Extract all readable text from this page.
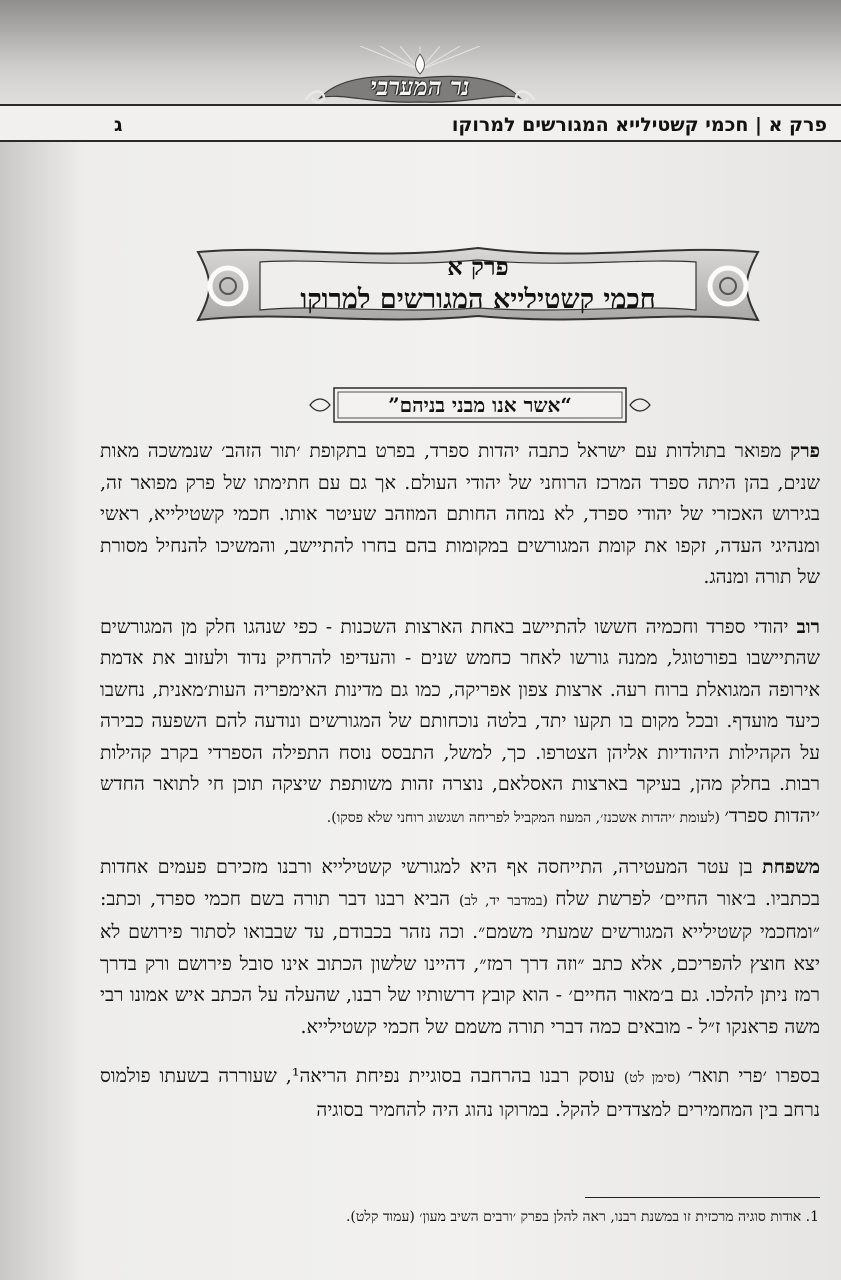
נר המערבי
פרק א | חכמי קשטילייא המגורשים למרוקו
ג
פרק א
חכמי קשטילייא המגורשים למרוקו
“אשר אנו מבני בניהם”

פרק מפואר בתולדות עם ישראל כתבה יהדות ספרד, בפרט בתקופת ׳תור הזהב׳ שנמשכה מאות שנים, בהן היתה ספרד המרכז הרוחני של יהודי העולם. אך גם עם חתימתו של פרק מפואר זה, בגירוש האכזרי של יהודי ספרד, לא נמחה החותם המוזהב שעיטר אותו. חכמי קשטילייא, ראשי ומנהיגי העדה, זקפו את קומת המגורשים במקומות בהם בחרו להתיישב, והמשיכו להנחיל מסורת של תורה ומנהג.

רוב יהודי ספרד וחכמיה חששו להתיישב באחת הארצות השכנות - כפי שנהגו חלק מן המגורשים שהתיישבו בפורטוגל, ממנה גורשו לאחר כחמש שנים - והעדיפו להרחיק נדוד ולעזוב את אדמת אירופה המגואלת ברוח רעה. ארצות צפון אפריקה, כמו גם מדינות האימפריה העות׳מאנית, נחשבו כיעד מועדף. ובכל מקום בו תקעו יתד, בלטה נוכחותם של המגורשים ונודעה להם השפעה כבירה על הקהילות היהודיות אליהן הצטרפו. כך, למשל, התבסס נוסח התפילה הספרדי בקרב קהילות רבות. בחלק מהן, בעיקר בארצות האסלאם, נוצרה זהות משותפת שיצקה תוכן חי לתואר החדש ׳יהדות ספרד׳ (לעומת ׳יהדות אשכנז׳, המעוז המקביל לפריחה ושגשוג רוחני שלא פסקו).

משפחת בן עטר המעטירה, התייחסה אף היא למגורשי קשטילייא ורבנו מזכירם פעמים אחדות בכתביו. ב׳אור החיים׳ לפרשת שלח (במדבר יד, לב) הביא רבנו דבר תורה בשם חכמי ספרד, וכתב: ״ומחכמי קשטילייא המגורשים שמעתי משמם״. וכה נזהר בכבודם, עד שבבואו לסתור פירושם לא יצא חוצץ להפריכם, אלא כתב ״וזה דרך רמז״, דהיינו שלשון הכתוב אינו סובל פירושם ורק בדרך רמז ניתן להלכו. גם ב׳מאור החיים׳ - הוא קובץ דרשותיו של רבנו, שהעלה על הכתב איש אמונו רבי משה פראנקו ז״ל - מובאים כמה דברי תורה משמם של חכמי קשטילייא.

בספרו ׳פרי תואר׳ (סימן לט) עוסק רבנו בהרחבה בסוגיית נפיחת הריאה¹, שעוררה בשעתו פולמוס נרחב בין המחמירים למצדדים להקל. במרוקו נהוג היה להחמיר בסוגיה

1. אודות סוגיה מרכזית זו במשנת רבנו, ראה להלן בפרק ׳ורבים השיב מעון׳ (עמוד קלט).
